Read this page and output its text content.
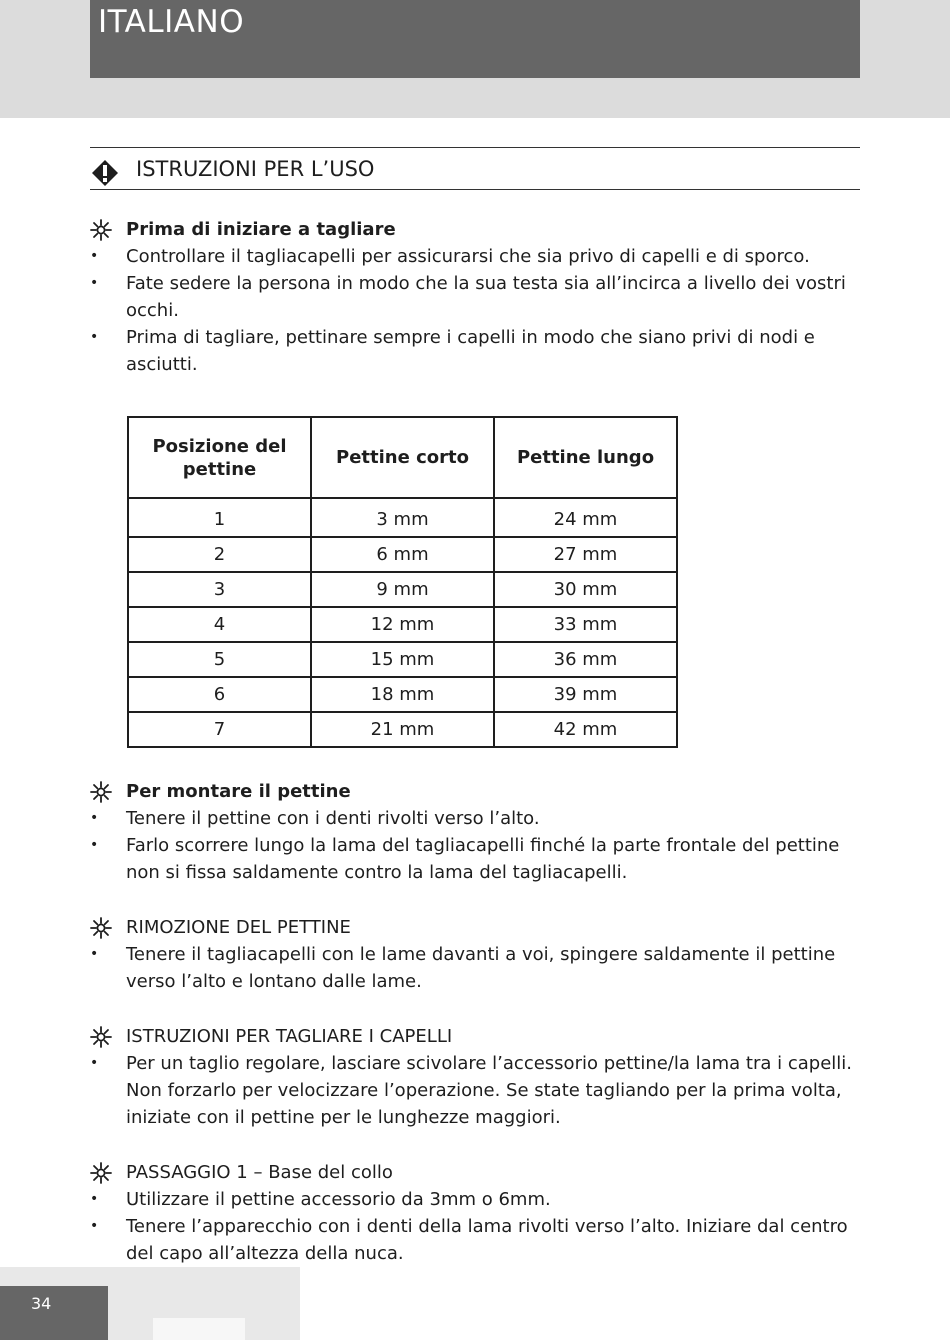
ITALIANO
ISTRUZIONI PER L’USO
Prima di iniziare a tagliare
• Controllare il tagliacapelli per assicurarsi che sia privo di capelli e di sporco.
• Fate sedere la persona in modo che la sua testa sia all’incirca a livello dei vostri occhi.
• Prima di tagliare, pettinare sempre i capelli in modo che siano privi di nodi e asciutti.
Posizione del pettine	Pettine corto	Pettine lungo
1	3 mm	24 mm
2	6 mm	27 mm
3	9 mm	30 mm
4	12 mm	33 mm
5	15 mm	36 mm
6	18 mm	39 mm
7	21 mm	42 mm
Per montare il pettine
• Tenere il pettine con i denti rivolti verso l’alto.
• Farlo scorrere lungo la lama del tagliacapelli finché la parte frontale del pettine non si fissa saldamente contro la lama del tagliacapelli.
RIMOZIONE DEL PETTINE
• Tenere il tagliacapelli con le lame davanti a voi, spingere saldamente il pettine verso l’alto e lontano dalle lame.
ISTRUZIONI PER TAGLIARE I CAPELLI
• Per un taglio regolare, lasciare scivolare l’accessorio pettine/la lama tra i capelli. Non forzarlo per velocizzare l’operazione. Se state tagliando per la prima volta, iniziate con il pettine per le lunghezze maggiori.
PASSAGGIO 1 – Base del collo
• Utilizzare il pettine accessorio da 3mm o 6mm.
• Tenere l’apparecchio con i denti della lama rivolti verso l’alto. Iniziare dal centro del capo all’altezza della nuca.
34
